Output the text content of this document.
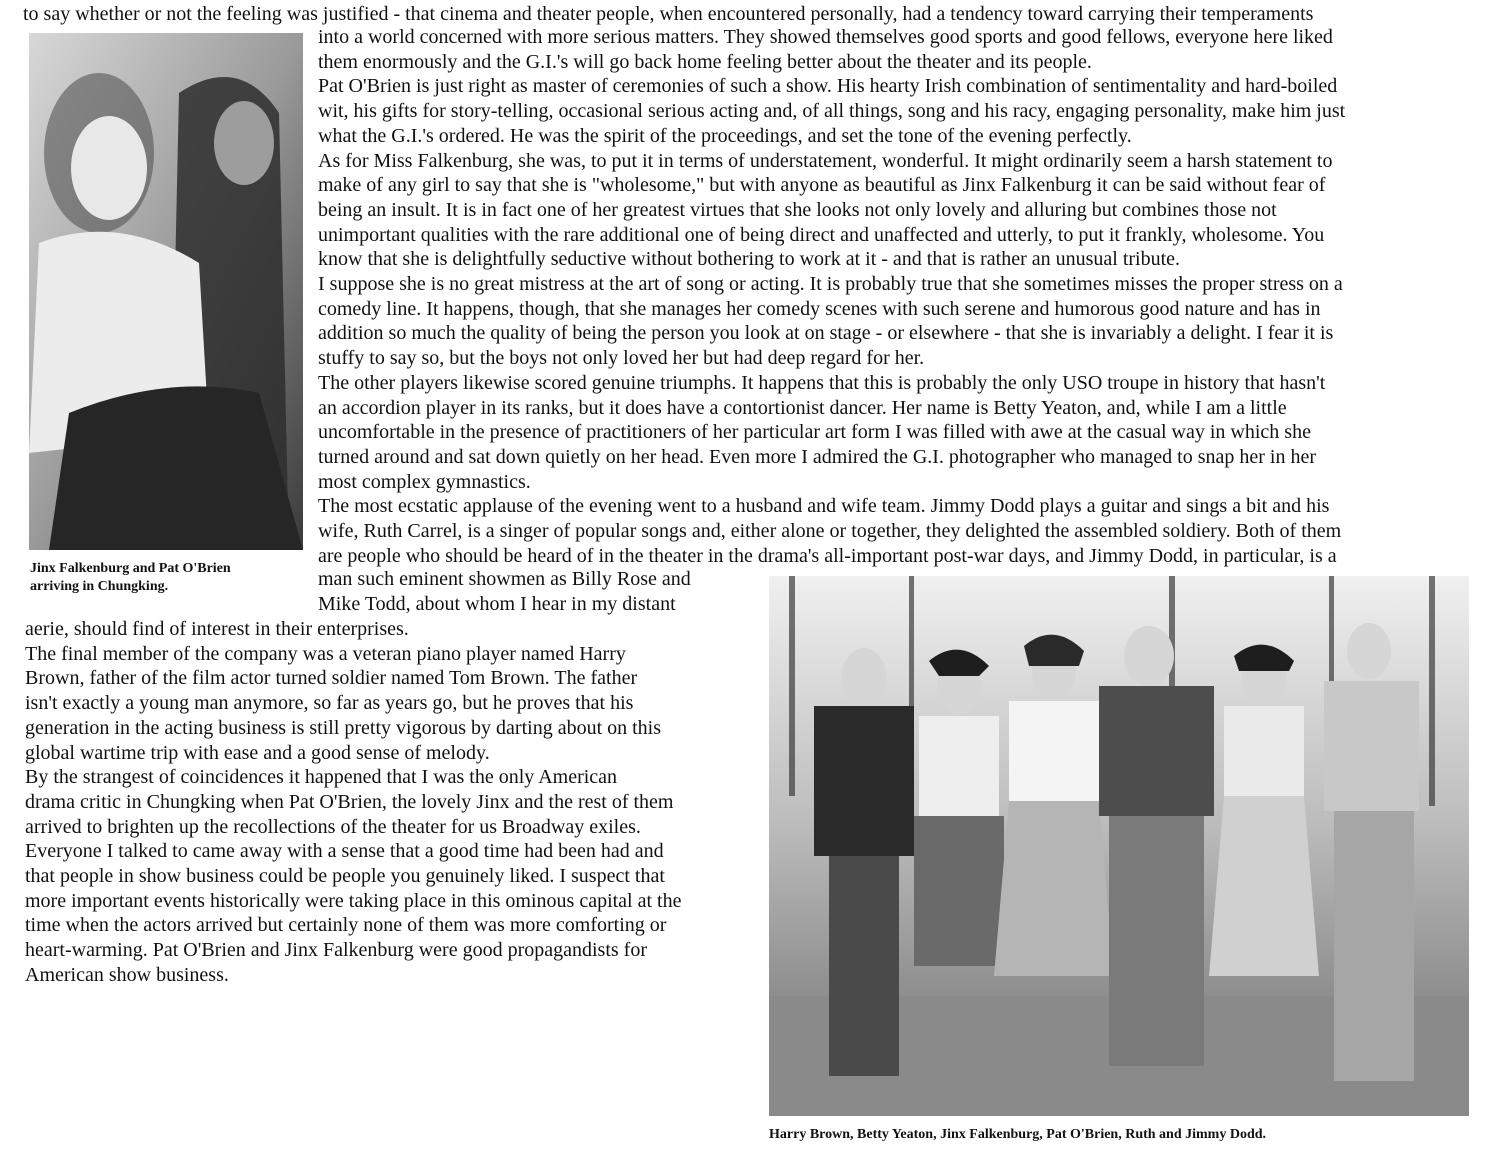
to say whether or not the feeling was justified - that cinema and theater people, when encountered personally, had a tendency toward carrying their temperaments
Jinx Falkenburg and Pat O'Brien
arriving in Chungking.
into a world concerned with more serious matters. They showed themselves good sports and good fellows, everyone here liked
them enormously and the G.I.'s will go back home feeling better about the theater and its people.
Pat O'Brien is just right as master of ceremonies of such a show. His hearty Irish combination of sentimentality and hard-boiled
wit, his gifts for story-telling, occasional serious acting and, of all things, song and his racy, engaging personality, make him just
what the G.I.'s ordered. He was the spirit of the proceedings, and set the tone of the evening perfectly.
As for Miss Falkenburg, she was, to put it in terms of understatement, wonderful. It might ordinarily seem a harsh statement to
make of any girl to say that she is "wholesome," but with anyone as beautiful as Jinx Falkenburg it can be said without fear of
being an insult. It is in fact one of her greatest virtues that she looks not only lovely and alluring but combines those not
unimportant qualities with the rare additional one of being direct and unaffected and utterly, to put it frankly, wholesome. You
know that she is delightfully seductive without bothering to work at it - and that is rather an unusual tribute.
I suppose she is no great mistress at the art of song or acting. It is probably true that she sometimes misses the proper stress on a
comedy line. It happens, though, that she manages her comedy scenes with such serene and humorous good nature and has in
addition so much the quality of being the person you look at on stage - or elsewhere - that she is invariably a delight. I fear it is
stuffy to say so, but the boys not only loved her but had deep regard for her.
The other players likewise scored genuine triumphs. It happens that this is probably the only USO troupe in history that hasn't
an accordion player in its ranks, but it does have a contortionist dancer. Her name is Betty Yeaton, and, while I am a little
uncomfortable in the presence of practitioners of her particular art form I was filled with awe at the casual way in which she
turned around and sat down quietly on her head. Even more I admired the G.I. photographer who managed to snap her in her
most complex gymnastics.
The most ecstatic applause of the evening went to a husband and wife team. Jimmy Dodd plays a guitar and sings a bit and his
wife, Ruth Carrel, is a singer of popular songs and, either alone or together, they delighted the assembled soldiery. Both of them
are people who should be heard of in the theater in the drama's all-important post-war days, and Jimmy Dodd, in particular, is a
man such eminent showmen as Billy Rose and
Mike Todd, about whom I hear in my distant
aerie, should find of interest in their enterprises.
The final member of the company was a veteran piano player named Harry
Brown, father of the film actor turned soldier named Tom Brown. The father
isn't exactly a young man anymore, so far as years go, but he proves that his
generation in the acting business is still pretty vigorous by darting about on this
global wartime trip with ease and a good sense of melody.
By the strangest of coincidences it happened that I was the only American
drama critic in Chungking when Pat O'Brien, the lovely Jinx and the rest of them
arrived to brighten up the recollections of the theater for us Broadway exiles.
Everyone I talked to came away with a sense that a good time had been had and
that people in show business could be people you genuinely liked. I suspect that
more important events historically were taking place in this ominous capital at the
time when the actors arrived but certainly none of them was more comforting or
heart-warming. Pat O'Brien and Jinx Falkenburg were good propagandists for
American show business.
Harry Brown, Betty Yeaton, Jinx Falkenburg, Pat O'Brien, Ruth and Jimmy Dodd.
